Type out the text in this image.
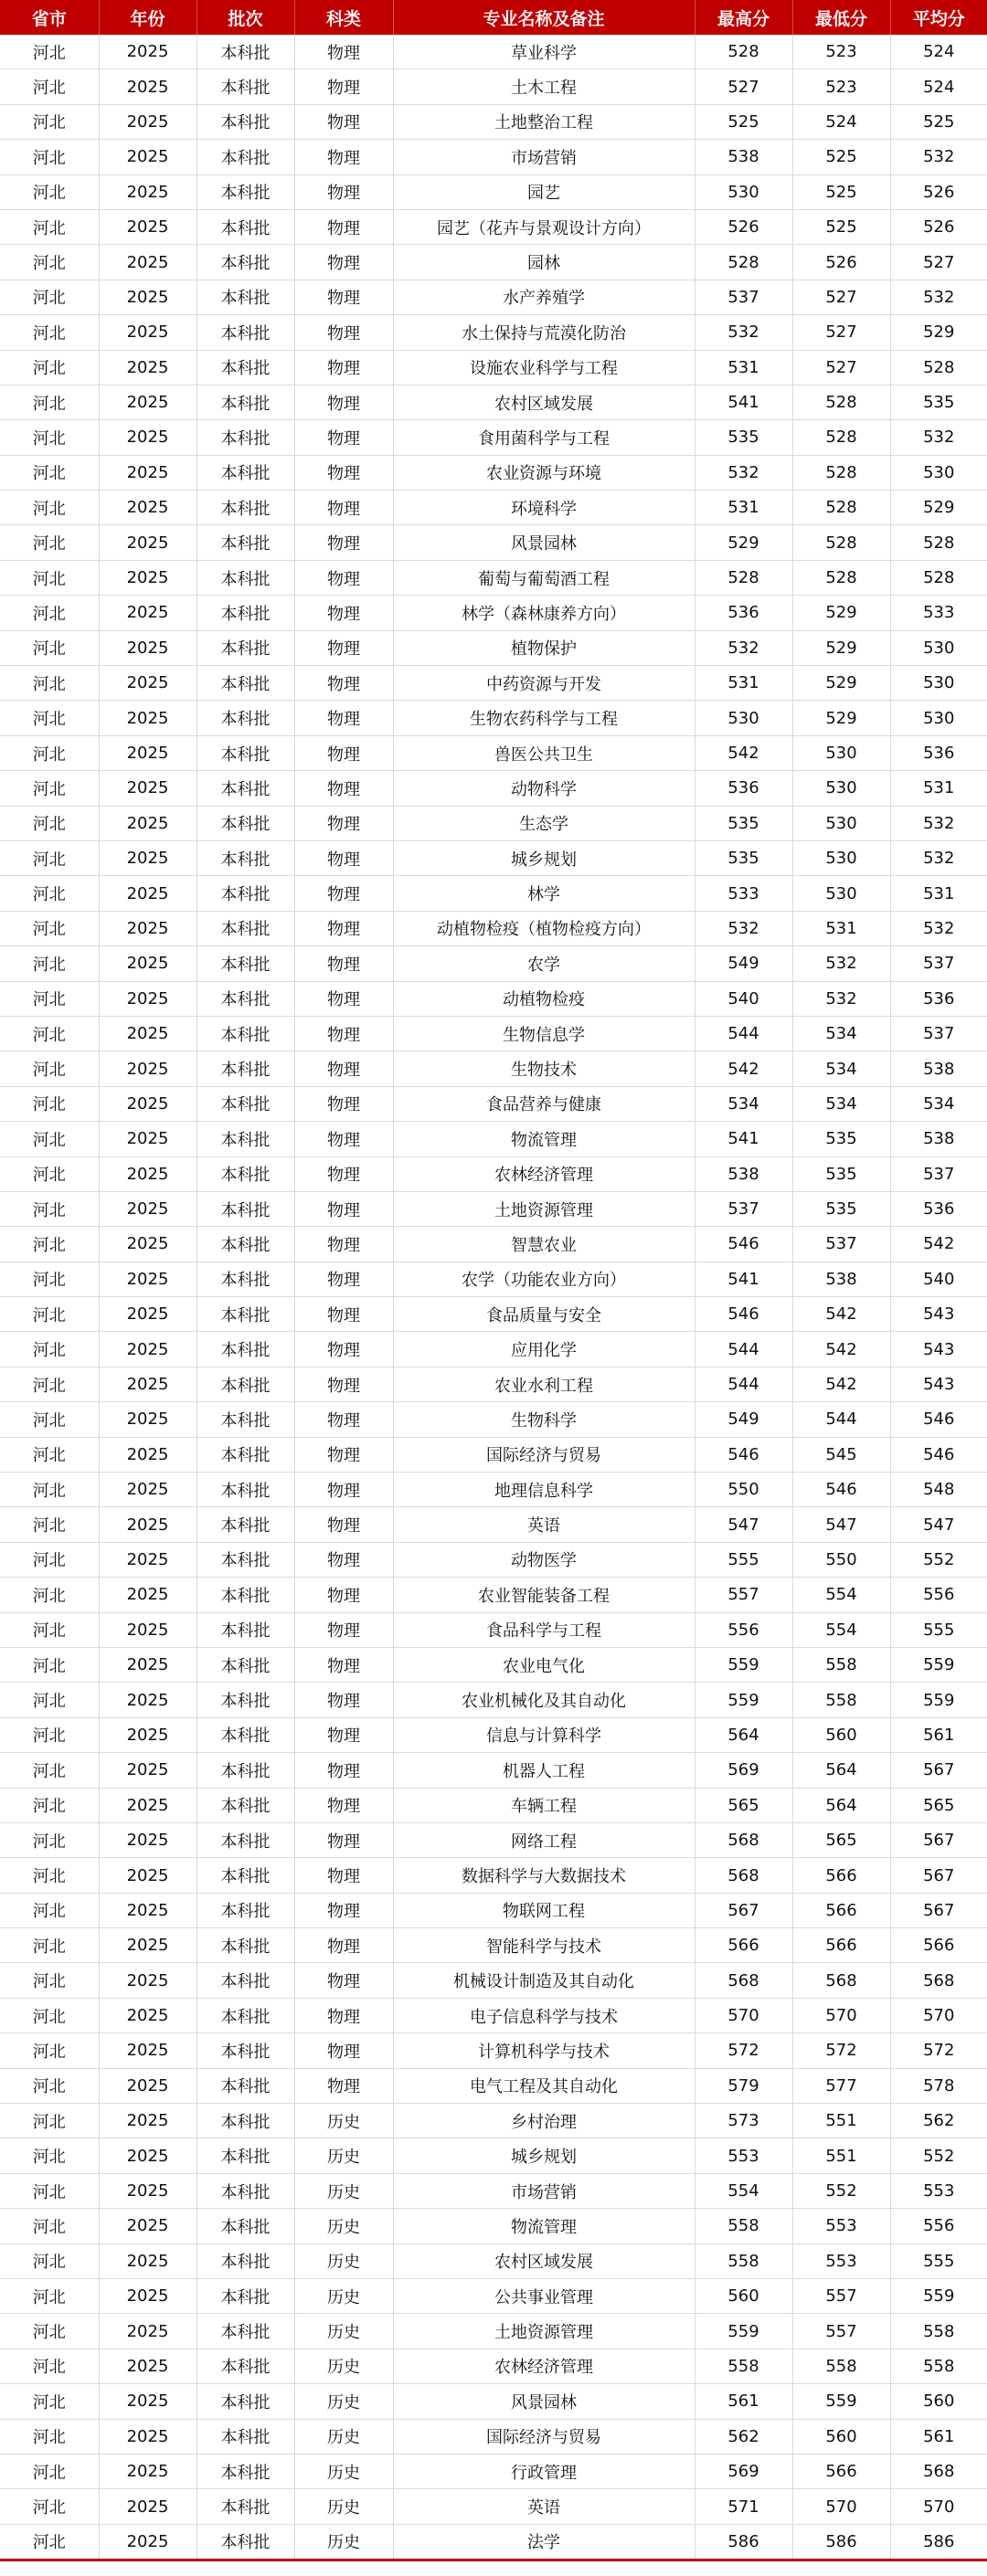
省市	年份	批次	科类	专业名称及备注	最高分	最低分	平均分
河北	2025	本科批	物理	草业科学	528	523	524
河北	2025	本科批	物理	土木工程	527	523	524
河北	2025	本科批	物理	土地整治工程	525	524	525
河北	2025	本科批	物理	市场营销	538	525	532
河北	2025	本科批	物理	园艺	530	525	526
河北	2025	本科批	物理	园艺（花卉与景观设计方向）	526	525	526
河北	2025	本科批	物理	园林	528	526	527
河北	2025	本科批	物理	水产养殖学	537	527	532
河北	2025	本科批	物理	水土保持与荒漠化防治	532	527	529
河北	2025	本科批	物理	设施农业科学与工程	531	527	528
河北	2025	本科批	物理	农村区域发展	541	528	535
河北	2025	本科批	物理	食用菌科学与工程	535	528	532
河北	2025	本科批	物理	农业资源与环境	532	528	530
河北	2025	本科批	物理	环境科学	531	528	529
河北	2025	本科批	物理	风景园林	529	528	528
河北	2025	本科批	物理	葡萄与葡萄酒工程	528	528	528
河北	2025	本科批	物理	林学（森林康养方向）	536	529	533
河北	2025	本科批	物理	植物保护	532	529	530
河北	2025	本科批	物理	中药资源与开发	531	529	530
河北	2025	本科批	物理	生物农药科学与工程	530	529	530
河北	2025	本科批	物理	兽医公共卫生	542	530	536
河北	2025	本科批	物理	动物科学	536	530	531
河北	2025	本科批	物理	生态学	535	530	532
河北	2025	本科批	物理	城乡规划	535	530	532
河北	2025	本科批	物理	林学	533	530	531
河北	2025	本科批	物理	动植物检疫（植物检疫方向）	532	531	532
河北	2025	本科批	物理	农学	549	532	537
河北	2025	本科批	物理	动植物检疫	540	532	536
河北	2025	本科批	物理	生物信息学	544	534	537
河北	2025	本科批	物理	生物技术	542	534	538
河北	2025	本科批	物理	食品营养与健康	534	534	534
河北	2025	本科批	物理	物流管理	541	535	538
河北	2025	本科批	物理	农林经济管理	538	535	537
河北	2025	本科批	物理	土地资源管理	537	535	536
河北	2025	本科批	物理	智慧农业	546	537	542
河北	2025	本科批	物理	农学（功能农业方向）	541	538	540
河北	2025	本科批	物理	食品质量与安全	546	542	543
河北	2025	本科批	物理	应用化学	544	542	543
河北	2025	本科批	物理	农业水利工程	544	542	543
河北	2025	本科批	物理	生物科学	549	544	546
河北	2025	本科批	物理	国际经济与贸易	546	545	546
河北	2025	本科批	物理	地理信息科学	550	546	548
河北	2025	本科批	物理	英语	547	547	547
河北	2025	本科批	物理	动物医学	555	550	552
河北	2025	本科批	物理	农业智能装备工程	557	554	556
河北	2025	本科批	物理	食品科学与工程	556	554	555
河北	2025	本科批	物理	农业电气化	559	558	559
河北	2025	本科批	物理	农业机械化及其自动化	559	558	559
河北	2025	本科批	物理	信息与计算科学	564	560	561
河北	2025	本科批	物理	机器人工程	569	564	567
河北	2025	本科批	物理	车辆工程	565	564	565
河北	2025	本科批	物理	网络工程	568	565	567
河北	2025	本科批	物理	数据科学与大数据技术	568	566	567
河北	2025	本科批	物理	物联网工程	567	566	567
河北	2025	本科批	物理	智能科学与技术	566	566	566
河北	2025	本科批	物理	机械设计制造及其自动化	568	568	568
河北	2025	本科批	物理	电子信息科学与技术	570	570	570
河北	2025	本科批	物理	计算机科学与技术	572	572	572
河北	2025	本科批	物理	电气工程及其自动化	579	577	578
河北	2025	本科批	历史	乡村治理	573	551	562
河北	2025	本科批	历史	城乡规划	553	551	552
河北	2025	本科批	历史	市场营销	554	552	553
河北	2025	本科批	历史	物流管理	558	553	556
河北	2025	本科批	历史	农村区域发展	558	553	555
河北	2025	本科批	历史	公共事业管理	560	557	559
河北	2025	本科批	历史	土地资源管理	559	557	558
河北	2025	本科批	历史	农林经济管理	558	558	558
河北	2025	本科批	历史	风景园林	561	559	560
河北	2025	本科批	历史	国际经济与贸易	562	560	561
河北	2025	本科批	历史	行政管理	569	566	568
河北	2025	本科批	历史	英语	571	570	570
河北	2025	本科批	历史	法学	586	586	586
